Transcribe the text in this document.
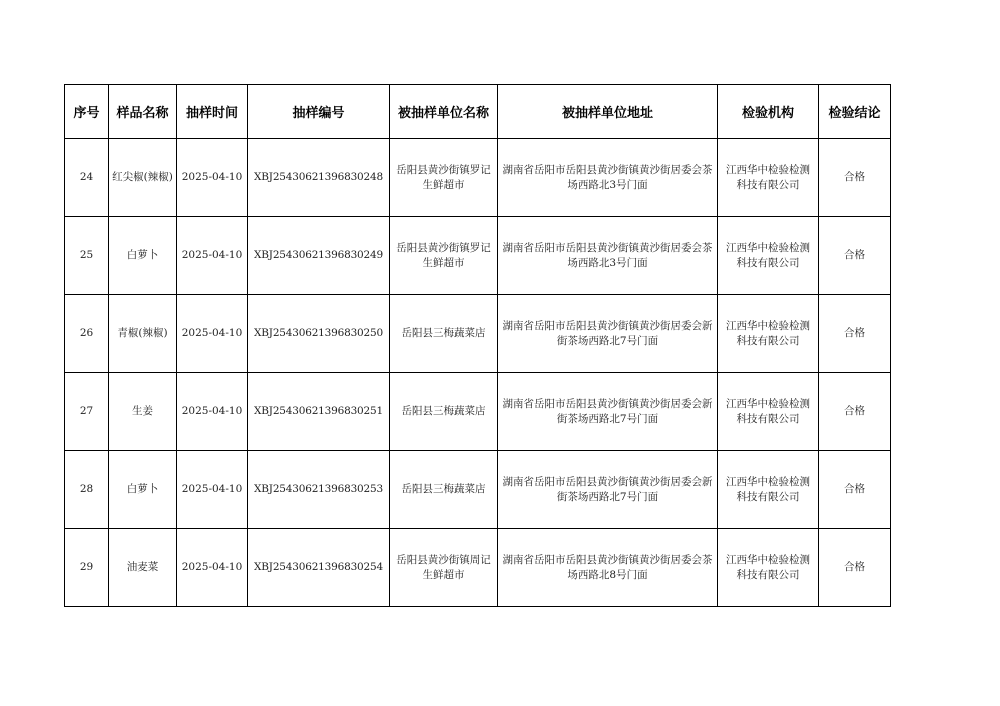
序号	样品名称	抽样时间	抽样编号	被抽样单位名称	被抽样单位地址	检验机构	检验结论
24	红尖椒(辣椒)	2025-04-10	XBJ25430621396830248	岳阳县黄沙街镇罗记生鲜超市	湖南省岳阳市岳阳县黄沙街镇黄沙街居委会茶场西路北3号门面	江西华中检验检测科技有限公司	合格
25	白萝卜	2025-04-10	XBJ25430621396830249	岳阳县黄沙街镇罗记生鲜超市	湖南省岳阳市岳阳县黄沙街镇黄沙街居委会茶场西路北3号门面	江西华中检验检测科技有限公司	合格
26	青椒(辣椒)	2025-04-10	XBJ25430621396830250	岳阳县三梅蔬菜店	湖南省岳阳市岳阳县黄沙街镇黄沙街居委会新街茶场西路北7号门面	江西华中检验检测科技有限公司	合格
27	生姜	2025-04-10	XBJ25430621396830251	岳阳县三梅蔬菜店	湖南省岳阳市岳阳县黄沙街镇黄沙街居委会新街茶场西路北7号门面	江西华中检验检测科技有限公司	合格
28	白萝卜	2025-04-10	XBJ25430621396830253	岳阳县三梅蔬菜店	湖南省岳阳市岳阳县黄沙街镇黄沙街居委会新街茶场西路北7号门面	江西华中检验检测科技有限公司	合格
29	油麦菜	2025-04-10	XBJ25430621396830254	岳阳县黄沙街镇周记生鲜超市	湖南省岳阳市岳阳县黄沙街镇黄沙街居委会茶场西路北8号门面	江西华中检验检测科技有限公司	合格
